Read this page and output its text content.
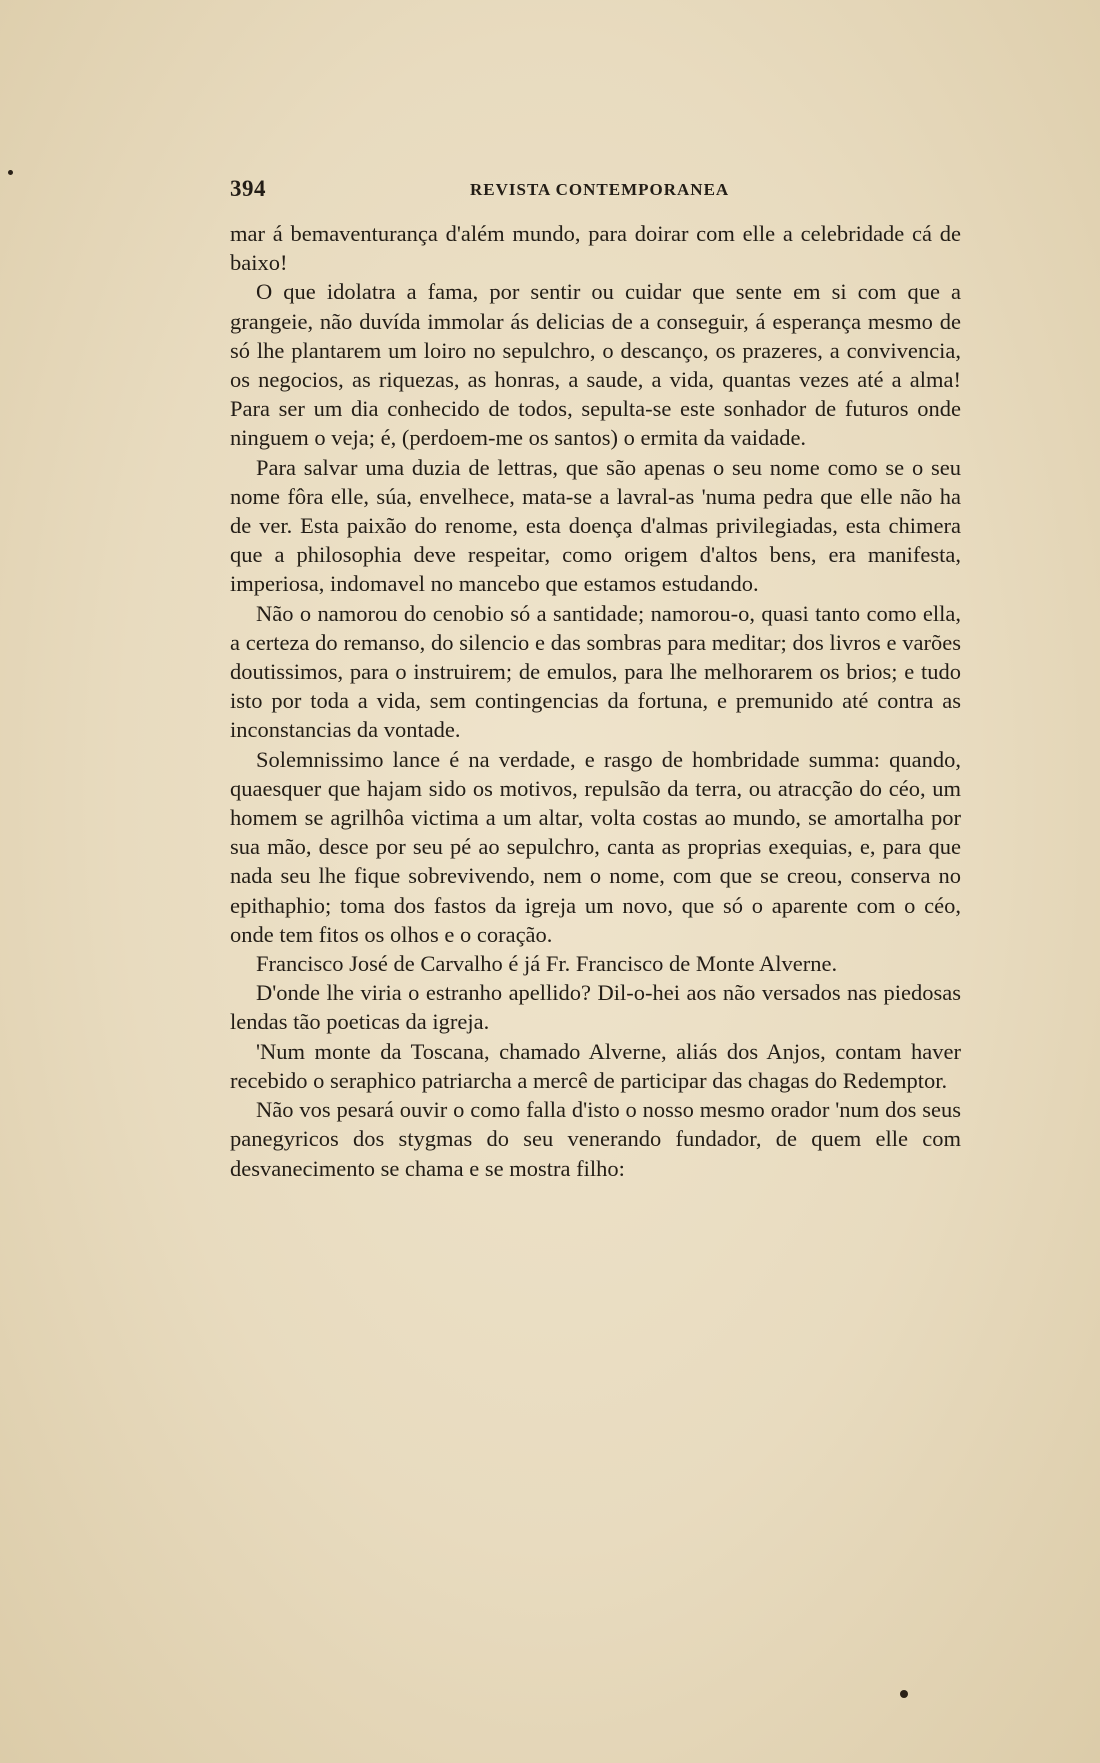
394	REVISTA CONTEMPORANEA

mar á bemaventurança d'além mundo, para doirar com elle a celebridade cá de baixo!

O que idolatra a fama, por sentir ou cuidar que sente em si com que a grangeie, não duvída immolar ás delicias de a conseguir, á esperança mesmo de só lhe plantarem um loiro no sepulchro, o descanço, os prazeres, a convivencia, os negocios, as riquezas, as honras, a saude, a vida, quantas vezes até a alma! Para ser um dia conhecido de todos, sepulta-se este sonhador de futuros onde ninguem o veja; é, (perdoem-me os santos) o ermita da vaidade.

Para salvar uma duzia de lettras, que são apenas o seu nome como se o seu nome fôra elle, súa, envelhece, mata-se a lavral-as 'numa pedra que elle não ha de ver. Esta paixão do renome, esta doença d'almas privilegiadas, esta chimera que a philosophia deve respeitar, como origem d'altos bens, era manifesta, imperiosa, indomavel no mancebo que estamos estudando.

Não o namorou do cenobio só a santidade; namorou-o, quasi tanto como ella, a certeza do remanso, do silencio e das sombras para meditar; dos livros e varões doutissimos, para o instruirem; de emulos, para lhe melhorarem os brios; e tudo isto por toda a vida, sem contingencias da fortuna, e premunido até contra as inconstancias da vontade.

Solemnissimo lance é na verdade, e rasgo de hombridade summa: quando, quaesquer que hajam sido os motivos, repulsão da terra, ou atracção do céo, um homem se agrilhôa victima a um altar, volta costas ao mundo, se amortalha por sua mão, desce por seu pé ao sepulchro, canta as proprias exequias, e, para que nada seu lhe fique sobrevivendo, nem o nome, com que se creou, conserva no epithaphio; toma dos fastos da igreja um novo, que só o aparente com o céo, onde tem fitos os olhos e o coração.

Francisco José de Carvalho é já Fr. Francisco de Monte Alverne.

D'onde lhe viria o estranho apellido? Dil-o-hei aos não versados nas piedosas lendas tão poeticas da igreja.

'Num monte da Toscana, chamado Alverne, aliás dos Anjos, contam haver recebido o seraphico patriarcha a mercê de participar das chagas do Redemptor.

Não vos pesará ouvir o como falla d'isto o nosso mesmo orador 'num dos seus panegyricos dos stygmas do seu venerando fundador, de quem elle com desvanecimento se chama e se mostra filho:
